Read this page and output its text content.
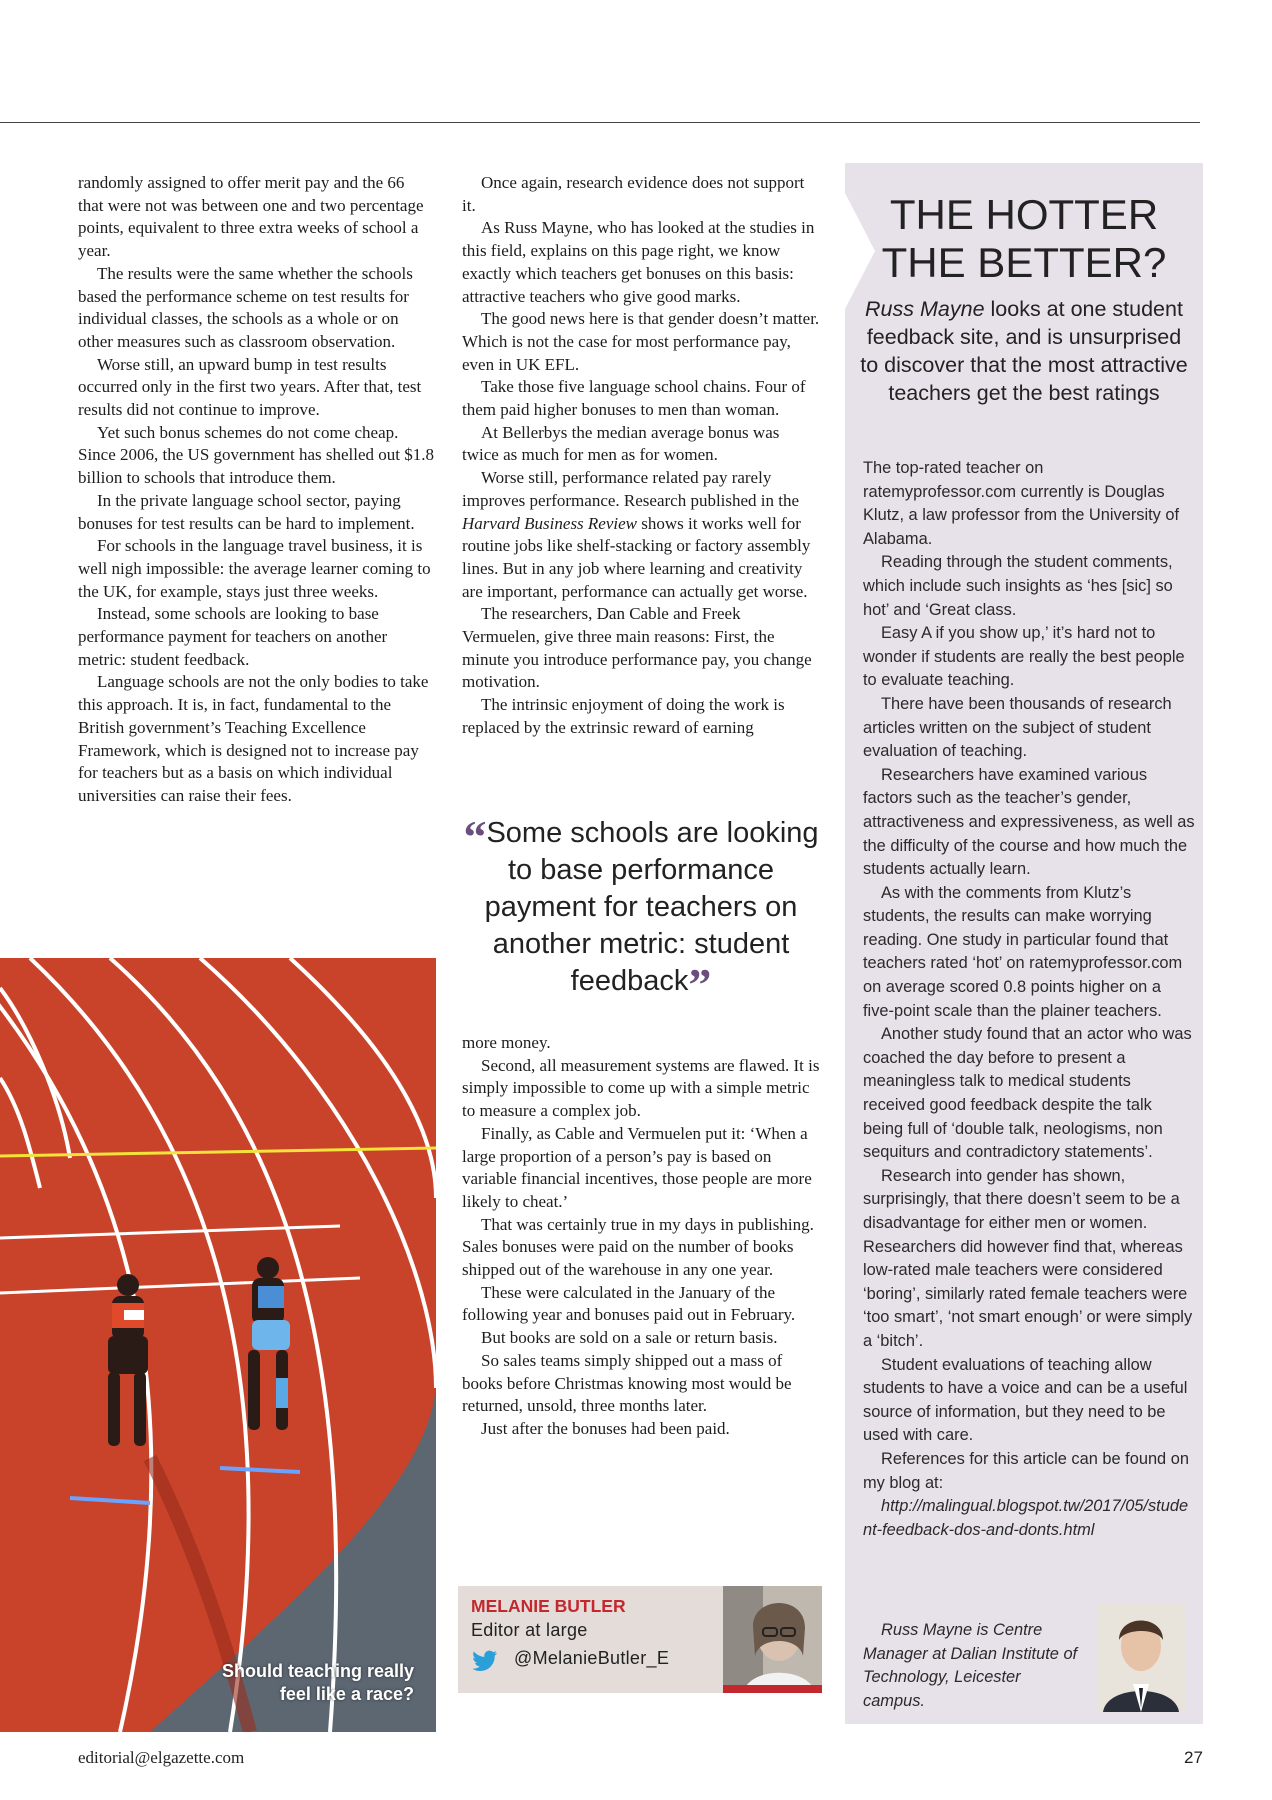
randomly assigned to offer merit pay and the 66 that were not was between one and two percentage points, equivalent to three extra weeks of school a year.

The results were the same whether the schools based the performance scheme on test results for individual classes, the schools as a whole or on other measures such as classroom observation.

Worse still, an upward bump in test results occurred only in the first two years. After that, test results did not continue to improve.

Yet such bonus schemes do not come cheap. Since 2006, the US government has shelled out $1.8 billion to schools that introduce them.

In the private language school sector, paying bonuses for test results can be hard to implement.

For schools in the language travel business, it is well nigh impossible: the average learner coming to the UK, for example, stays just three weeks.

Instead, some schools are looking to base performance payment for teachers on another metric: student feedback.

Language schools are not the only bodies to take this approach. It is, in fact, fundamental to the British government’s Teaching Excellence Framework, which is designed not to increase pay for teachers but as a basis on which individual universities can raise their fees.

Once again, research evidence does not support it.

As Russ Mayne, who has looked at the studies in this field, explains on this page right, we know exactly which teachers get bonuses on this basis: attractive teachers who give good marks.

The good news here is that gender doesn’t matter. Which is not the case for most performance pay, even in UK EFL.

Take those five language school chains. Four of them paid higher bonuses to men than woman.

At Bellerbys the median average bonus was twice as much for men as for women.

Worse still, performance related pay rarely improves performance. Research published in the Harvard Business Review shows it works well for routine jobs like shelf-stacking or factory assembly lines. But in any job where learning and creativity are important, performance can actually get worse.

The researchers, Dan Cable and Freek Vermuelen, give three main reasons: First, the minute you introduce performance pay, you change motivation.

The intrinsic enjoyment of doing the work is replaced by the extrinsic reward of earning

“Some schools are looking to base performance payment for teachers on another metric: student feedback”

more money.

Second, all measurement systems are flawed. It is simply impossible to come up with a simple metric to measure a complex job.

Finally, as Cable and Vermuelen put it: ‘When a large proportion of a person’s pay is based on variable financial incentives, those people are more likely to cheat.’

That was certainly true in my days in publishing. Sales bonuses were paid on the number of books shipped out of the warehouse in any one year.

These were calculated in the January of the following year and bonuses paid out in February.

But books are sold on a sale or return basis.

So sales teams simply shipped out a mass of books before Christmas knowing most would be returned, unsold, three months later.

Just after the bonuses had been paid.

Should teaching really
feel like a race?
MELANIE BUTLER
Editor at large
@MelanieButler_E
THE HOTTER
THE BETTER?
Russ Mayne looks at one student feedback site, and is unsurprised to discover that the most attractive teachers get the best ratings

The top-rated teacher on ratemyprofessor.com currently is Douglas Klutz, a law professor from the University of Alabama.

Reading through the student comments, which include such insights as ‘hes [sic] so hot’ and ‘Great class.

Easy A if you show up,’ it’s hard not to wonder if students are really the best people to evaluate teaching.

There have been thousands of research articles written on the subject of student evaluation of teaching.

Researchers have examined various factors such as the teacher’s gender, attractiveness and expressiveness, as well as the difficulty of the course and how much the students actually learn.

As with the comments from Klutz’s students, the results can make worrying reading. One study in particular found that teachers rated ‘hot’ on ratemyprofessor.com on average scored 0.8 points higher on a five-point scale than the plainer teachers.

Another study found that an actor who was coached the day before to present a meaningless talk to medical students received good feedback despite the talk being full of ‘double talk, neologisms, non sequiturs and contradictory statements’.

Research into gender has shown, surprisingly, that there doesn’t seem to be a disadvantage for either men or women. Researchers did however find that, whereas low-rated male teachers were considered ‘boring’, similarly rated female teachers were ‘too smart’, ‘not smart enough’ or were simply a ‘bitch’.

Student evaluations of teaching allow students to have a voice and can be a useful source of information, but they need to be used with care.

References for this article can be found on my blog at:

http://malingual.blogspot.tw/2017/05/student-feedback-dos-and-donts.html

Russ Mayne is Centre Manager at Dalian Institute of Technology, Leicester campus.
editorial@elgazette.com	27
